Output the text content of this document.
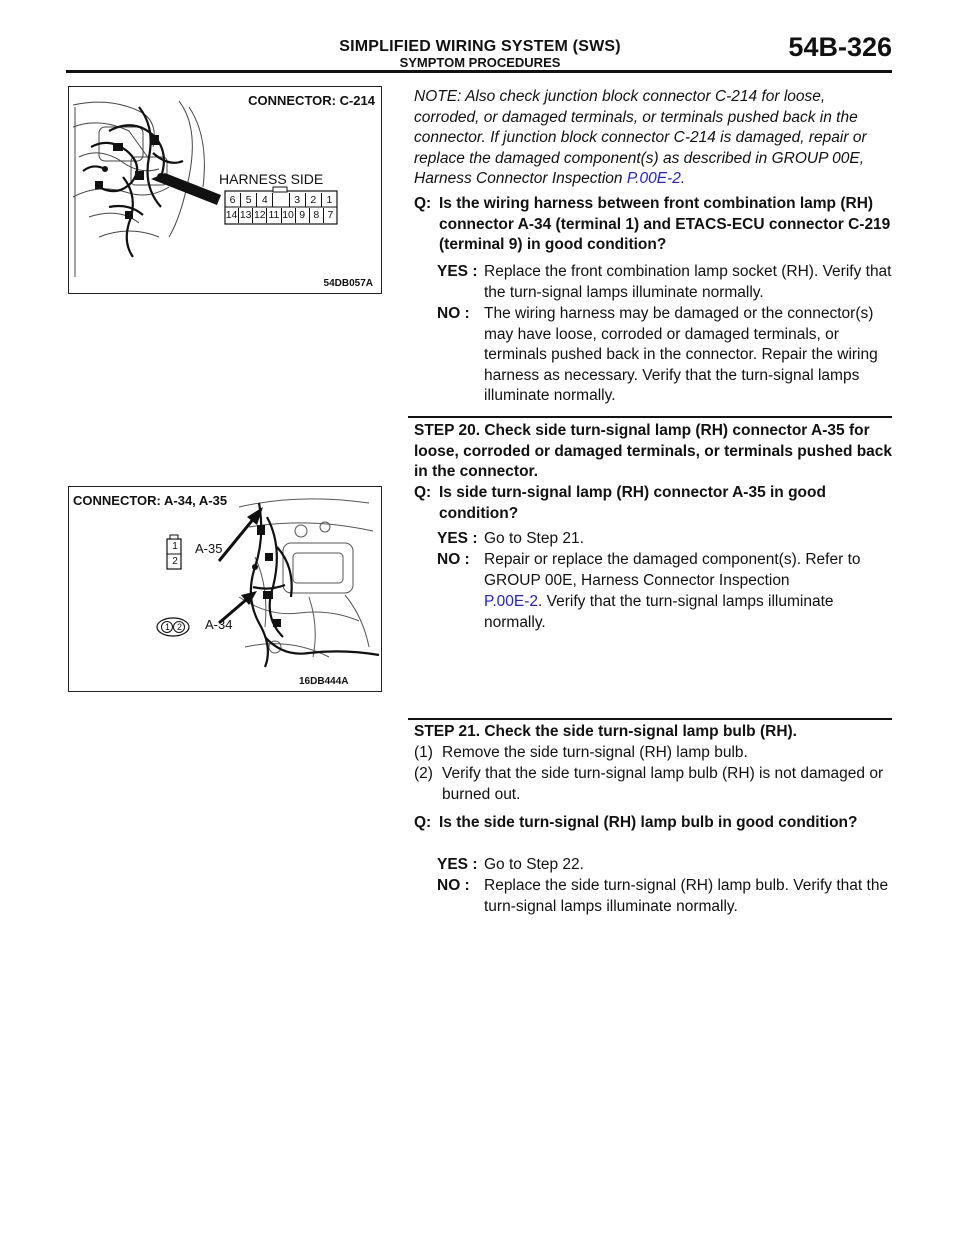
SIMPLIFIED WIRING SYSTEM (SWS)
SYMPTOM PROCEDURES
54B-326
CONNECTOR: C-214
HARNESS SIDE
54DB057A
6 5 4	3 2 1
14 13 12 11 10 9 8 7
CONNECTOR: A-34, A-35
A-35
A-34
1
2
1 2
16DB444A
NOTE: Also check junction block connector C-214 for loose, corroded, or damaged terminals, or terminals pushed back in the connector. If junction block connector C-214 is damaged, repair or replace the damaged component(s) as described in GROUP 00E, Harness Connector Inspection P.00E-2.
Q: Is the wiring harness between front combination lamp (RH) connector A-34 (terminal 1) and ETACS-ECU connector C-219 (terminal 9) in good condition?
YES : Replace the front combination lamp socket (RH). Verify that the turn-signal lamps illuminate normally.
NO : The wiring harness may be damaged or the connector(s) may have loose, corroded or damaged terminals, or terminals pushed back in the connector. Repair the wiring harness as necessary. Verify that the turn-signal lamps illuminate normally.
STEP 20. Check side turn-signal lamp (RH) connector A-35 for loose, corroded or damaged terminals, or terminals pushed back in the connector.
Q: Is side turn-signal lamp (RH) connector A-35 in good condition?
YES : Go to Step 21.
NO : Repair or replace the damaged component(s). Refer to GROUP 00E, Harness Connector Inspection
P.00E-2. Verify that the turn-signal lamps illuminate normally.
STEP 21. Check the side turn-signal lamp bulb (RH).
(1) Remove the side turn-signal (RH) lamp bulb.
(2) Verify that the side turn-signal lamp bulb (RH) is not damaged or burned out.
Q: Is the side turn-signal (RH) lamp bulb in good condition?
YES : Go to Step 22.
NO : Replace the side turn-signal (RH) lamp bulb. Verify that the turn-signal lamps illuminate normally.
